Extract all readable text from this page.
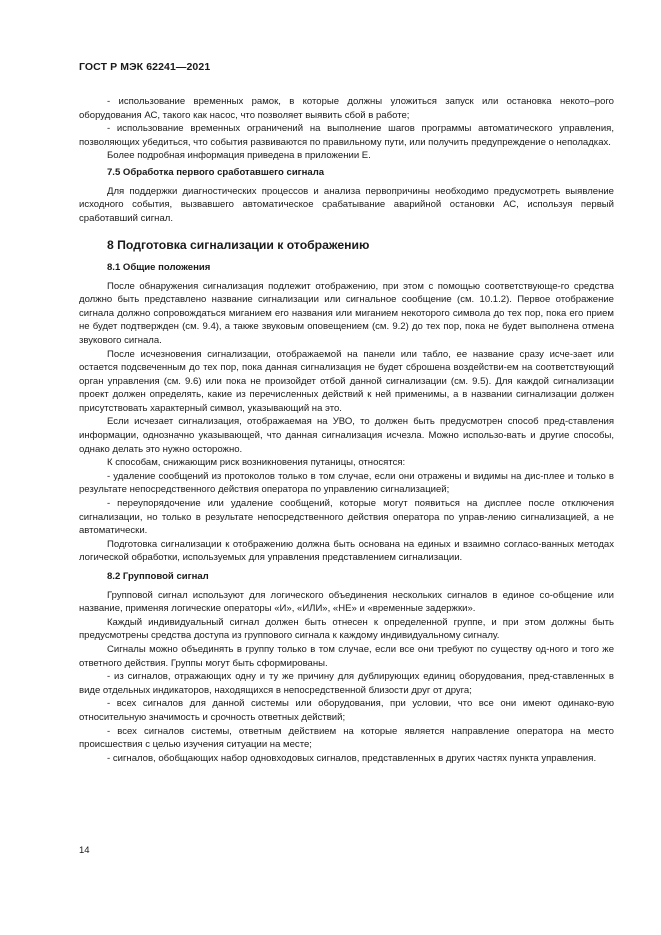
ГОСТ Р МЭК 62241—2021

- использование временных рамок, в которые должны уложиться запуск или остановка некото–рого оборудования АС, такого как насос, что позволяет выявить сбой в работе;

- использование временных ограничений на выполнение шагов программы автоматического управления, позволяющих убедиться, что события развиваются по правильному пути, или получить предупреждение о неполадках.

Более подробная информация приведена в приложении Е.

7.5 Обработка первого сработавшего сигнала

Для поддержки диагностических процессов и анализа первопричины необходимо предусмотреть выявление исходного события, вызвавшего автоматическое срабатывание аварийной остановки АС, используя первый сработавший сигнал.

8 Подготовка сигнализации к отображению

8.1 Общие положения

После обнаружения сигнализация подлежит отображению, при этом с помощью соответствующе-го средства должно быть представлено название сигнализации или сигнальное сообщение (см. 10.1.2). Первое отображение сигнала должно сопровождаться миганием его названия или миганием некоторого символа до тех пор, пока его прием не будет подтвержден (см. 9.4), а также звуковым оповещением (см. 9.2) до тех пор, пока не будет выполнена отмена звукового сигнала.

После исчезновения сигнализации, отображаемой на панели или табло, ее название сразу исче-зает или остается подсвеченным до тех пор, пока данная сигнализация не будет сброшена воздействи-ем на соответствующий орган управления (см. 9.6) или пока не произойдет отбой данной сигнализации (см. 9.5). Для каждой сигнализации проект должен определять, какие из перечисленных действий к ней применимы, а в названии сигнализации должен присутствовать характерный символ, указывающий на это.

Если исчезает сигнализация, отображаемая на УВО, то должен быть предусмотрен способ пред-ставления информации, однозначно указывающей, что данная сигнализация исчезла. Можно использо-вать и другие способы, однако делать это нужно осторожно.

К способам, снижающим риск возникновения путаницы, относятся:

- удаление сообщений из протоколов только в том случае, если они отражены и видимы на дис-плее и только в результате непосредственного действия оператора по управлению сигнализацией;

- переупорядочение или удаление сообщений, которые могут появиться на дисплее после отключения сигнализации, но только в результате непосредственного действия оператора по управ-лению сигнализацией, а не автоматически.

Подготовка сигнализации к отображению должна быть основана на единых и взаимно согласо-ванных методах логической обработки, используемых для управления представлением сигнализации.

8.2 Групповой сигнал

Групповой сигнал используют для логического объединения нескольких сигналов в единое со-общение или название, применяя логические операторы «И», «ИЛИ», «НЕ» и «временные задержки».

Каждый индивидуальный сигнал должен быть отнесен к определенной группе, и при этом должны быть предусмотрены средства доступа из группового сигнала к каждому индивидуальному сигналу.

Сигналы можно объединять в группу только в том случае, если все они требуют по существу од-ного и того же ответного действия. Группы могут быть сформированы.

- из сигналов, отражающих одну и ту же причину для дублирующих единиц оборудования, пред-ставленных в виде отдельных индикаторов, находящихся в непосредственной близости друг от друга;

- всех сигналов для данной системы или оборудования, при условии, что все они имеют одинако-вую относительную значимость и срочность ответных действий;

- всех сигналов системы, ответным действием на которые является направление оператора на место происшествия с целью изучения ситуации на месте;

- сигналов, обобщающих набор одновходовых сигналов, представленных в других частях пункта управления.

14
